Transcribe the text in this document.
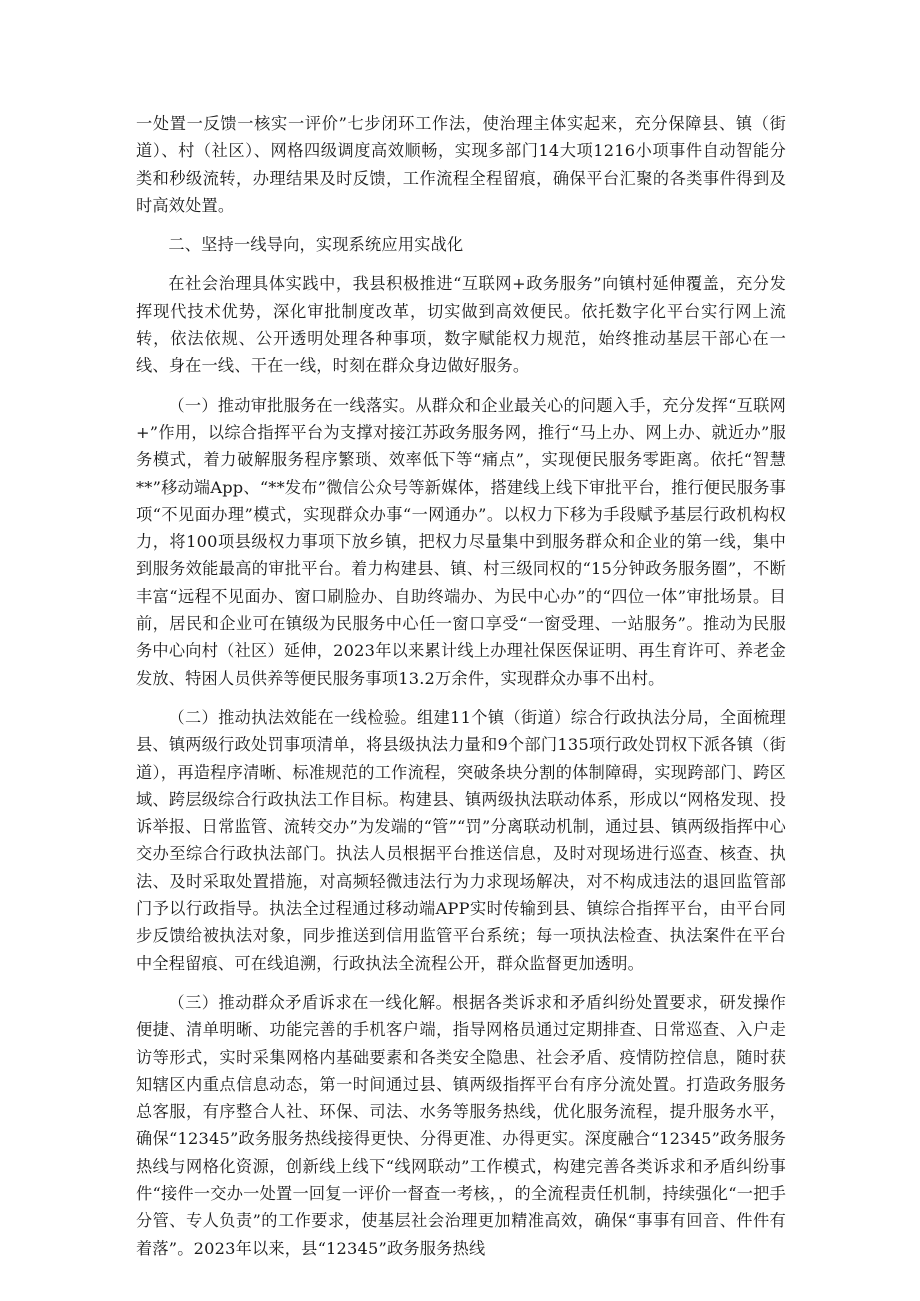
一处置一反馈一核实一评价”七步闭环工作法，使治理主体实起来，充分保障县、镇（街道）、村（社区）、网格四级调度高效顺畅，实现多部门14大项1216小项事件自动智能分类和秒级流转，办理结果及时反馈，工作流程全程留痕，确保平台汇聚的各类事件得到及时高效处置。

二、坚持一线导向，实现系统应用实战化

在社会治理具体实践中，我县积极推进“互联网+政务服务”向镇村延伸覆盖，充分发挥现代技术优势，深化审批制度改革，切实做到高效便民。依托数字化平台实行网上流转，依法依规、公开透明处理各种事项，数字赋能权力规范，始终推动基层干部心在一线、身在一线、干在一线，时刻在群众身边做好服务。

（一）推动审批服务在一线落实。从群众和企业最关心的问题入手，充分发挥“互联网+”作用，以综合指挥平台为支撑对接江苏政务服务网，推行“马上办、网上办、就近办”服务模式，着力破解服务程序繁琐、效率低下等“痛点”，实现便民服务零距离。依托“智慧**”移动端App、“**发布”微信公众号等新媒体，搭建线上线下审批平台，推行便民服务事项“不见面办理”模式，实现群众办事“一网通办”。以权力下移为手段赋予基层行政机构权力，将100项县级权力事项下放乡镇，把权力尽量集中到服务群众和企业的第一线，集中到服务效能最高的审批平台。着力构建县、镇、村三级同权的“15分钟政务服务圈”，不断丰富“远程不见面办、窗口刷脸办、自助终端办、为民中心办”的“四位一体”审批场景。目前，居民和企业可在镇级为民服务中心任一窗口享受“一窗受理、一站服务”。推动为民服务中心向村（社区）延伸，2023年以来累计线上办理社保医保证明、再生育许可、养老金发放、特困人员供养等便民服务事项13.2万余件，实现群众办事不出村。

（二）推动执法效能在一线检验。组建11个镇（街道）综合行政执法分局，全面梳理县、镇两级行政处罚事项清单，将县级执法力量和9个部门135项行政处罚权下派各镇（街道），再造程序清晰、标准规范的工作流程，突破条块分割的体制障碍，实现跨部门、跨区域、跨层级综合行政执法工作目标。构建县、镇两级执法联动体系，形成以“网格发现、投诉举报、日常监管、流转交办”为发端的“管”“罚”分离联动机制，通过县、镇两级指挥中心交办至综合行政执法部门。执法人员根据平台推送信息，及时对现场进行巡查、核查、执法、及时采取处置措施，对高频轻微违法行为力求现场解决，对不构成违法的退回监管部门予以行政指导。执法全过程通过移动端APP实时传输到县、镇综合指挥平台，由平台同步反馈给被执法对象，同步推送到信用监管平台系统；每一项执法检查、执法案件在平台中全程留痕、可在线追溯，行政执法全流程公开，群众监督更加透明。

（三）推动群众矛盾诉求在一线化解。根据各类诉求和矛盾纠纷处置要求，研发操作便捷、清单明晰、功能完善的手机客户端，指导网格员通过定期排查、日常巡查、入户走访等形式，实时采集网格内基础要素和各类安全隐患、社会矛盾、疫情防控信息，随时获知辖区内重点信息动态，第一时间通过县、镇两级指挥平台有序分流处置。打造政务服务总客服，有序整合人社、环保、司法、水务等服务热线，优化服务流程，提升服务水平，确保“12345”政务服务热线接得更快、分得更准、办得更实。深度融合“12345”政务服务热线与网格化资源，创新线上线下“线网联动”工作模式，构建完善各类诉求和矛盾纠纷事件“接件一交办一处置一回复一评价一督查一考核，，的全流程责任机制，持续强化“一把手分管、专人负责”的工作要求，使基层社会治理更加精准高效，确保“事事有回音、件件有着落”。2023年以来，县“12345”政务服务热线
